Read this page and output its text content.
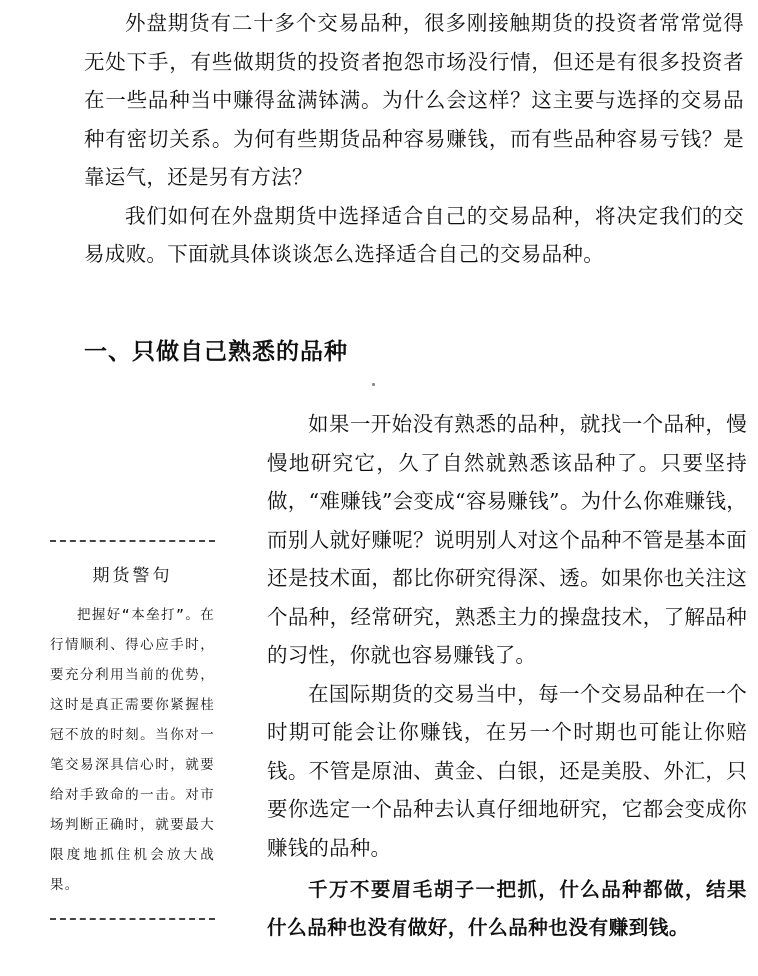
外盘期货有二十多个交易品种，很多刚接触期货的投资者常常觉得无处下手，有些做期货的投资者抱怨市场没行情，但还是有很多投资者在一些品种当中赚得盆满钵满。为什么会这样？这主要与选择的交易品种有密切关系。为何有些期货品种容易赚钱，而有些品种容易亏钱？是靠运气，还是另有方法？

我们如何在外盘期货中选择适合自己的交易品种，将决定我们的交易成败。下面就具体谈谈怎么选择适合自己的交易品种。

一、只做自己熟悉的品种

如果一开始没有熟悉的品种，就找一个品种，慢慢地研究它，久了自然就熟悉该品种了。只要坚持做，“难赚钱”会变成“容易赚钱”。为什么你难赚钱，而别人就好赚呢？说明别人对这个品种不管是基本面还是技术面，都比你研究得深、透。如果你也关注这个品种，经常研究，熟悉主力的操盘技术，了解品种的习性，你就也容易赚钱了。

在国际期货的交易当中，每一个交易品种在一个时期可能会让你赚钱，在另一个时期也可能让你赔钱。不管是原油、黄金、白银，还是美股、外汇，只要你选定一个品种去认真仔细地研究，它都会变成你赚钱的品种。

千万不要眉毛胡子一把抓，什么品种都做，结果什么品种也没有做好，什么品种也没有赚到钱。

期货警句

把握好“本垒打”。在行情顺利、得心应手时，要充分利用当前的优势，这时是真正需要你紧握桂冠不放的时刻。当你对一笔交易深具信心时，就要给对手致命的一击。对市场判断正确时，就要最大限度地抓住机会放大战果。
